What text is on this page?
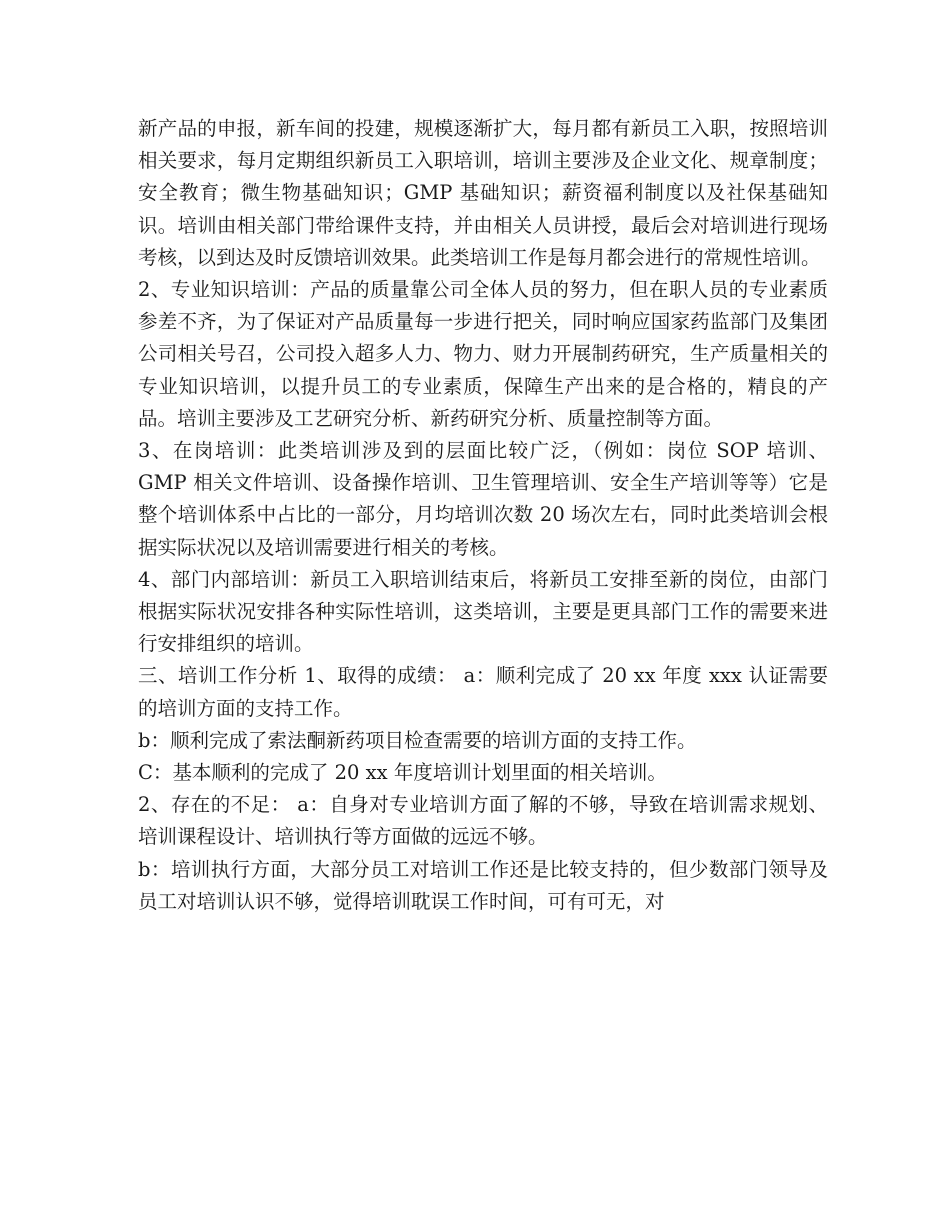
新产品的申报，新车间的投建，规模逐渐扩大，每月都有新员工入职，按照培训相关要求，每月定期组织新员工入职培训，培训主要涉及企业文化、规章制度；安全教育；微生物基础知识；GMP 基础知识；薪资福利制度以及社保基础知识。培训由相关部门带给课件支持，并由相关人员讲授，最后会对培训进行现场考核，以到达及时反馈培训效果。此类培训工作是每月都会进行的常规性培训。

2、专业知识培训：产品的质量靠公司全体人员的努力，但在职人员的专业素质参差不齐，为了保证对产品质量每一步进行把关，同时响应国家药监部门及集团公司相关号召，公司投入超多人力、物力、财力开展制药研究，生产质量相关的专业知识培训，以提升员工的专业素质，保障生产出来的是合格的，精良的产品。培训主要涉及工艺研究分析、新药研究分析、质量控制等方面。

3、在岗培训：此类培训涉及到的层面比较广泛，（例如：岗位 SOP 培训、GMP 相关文件培训、设备操作培训、卫生管理培训、安全生产培训等等）它是整个培训体系中占比的一部分，月均培训次数 20 场次左右，同时此类培训会根据实际状况以及培训需要进行相关的考核。

4、部门内部培训：新员工入职培训结束后，将新员工安排至新的岗位，由部门根据实际状况安排各种实际性培训，这类培训，主要是更具部门工作的需要来进行安排组织的培训。

三、培训工作分析 1、取得的成绩： a：顺利完成了 20 xx 年度 xxx 认证需要的培训方面的支持工作。

b：顺利完成了索法酮新药项目检查需要的培训方面的支持工作。

C：基本顺利的完成了 20 xx 年度培训计划里面的相关培训。

2、存在的不足： a：自身对专业培训方面了解的不够，导致在培训需求规划、培训课程设计、培训执行等方面做的远远不够。

b：培训执行方面，大部分员工对培训工作还是比较支持的，但少数部门领导及员工对培训认识不够，觉得培训耽误工作时间，可有可无，对
